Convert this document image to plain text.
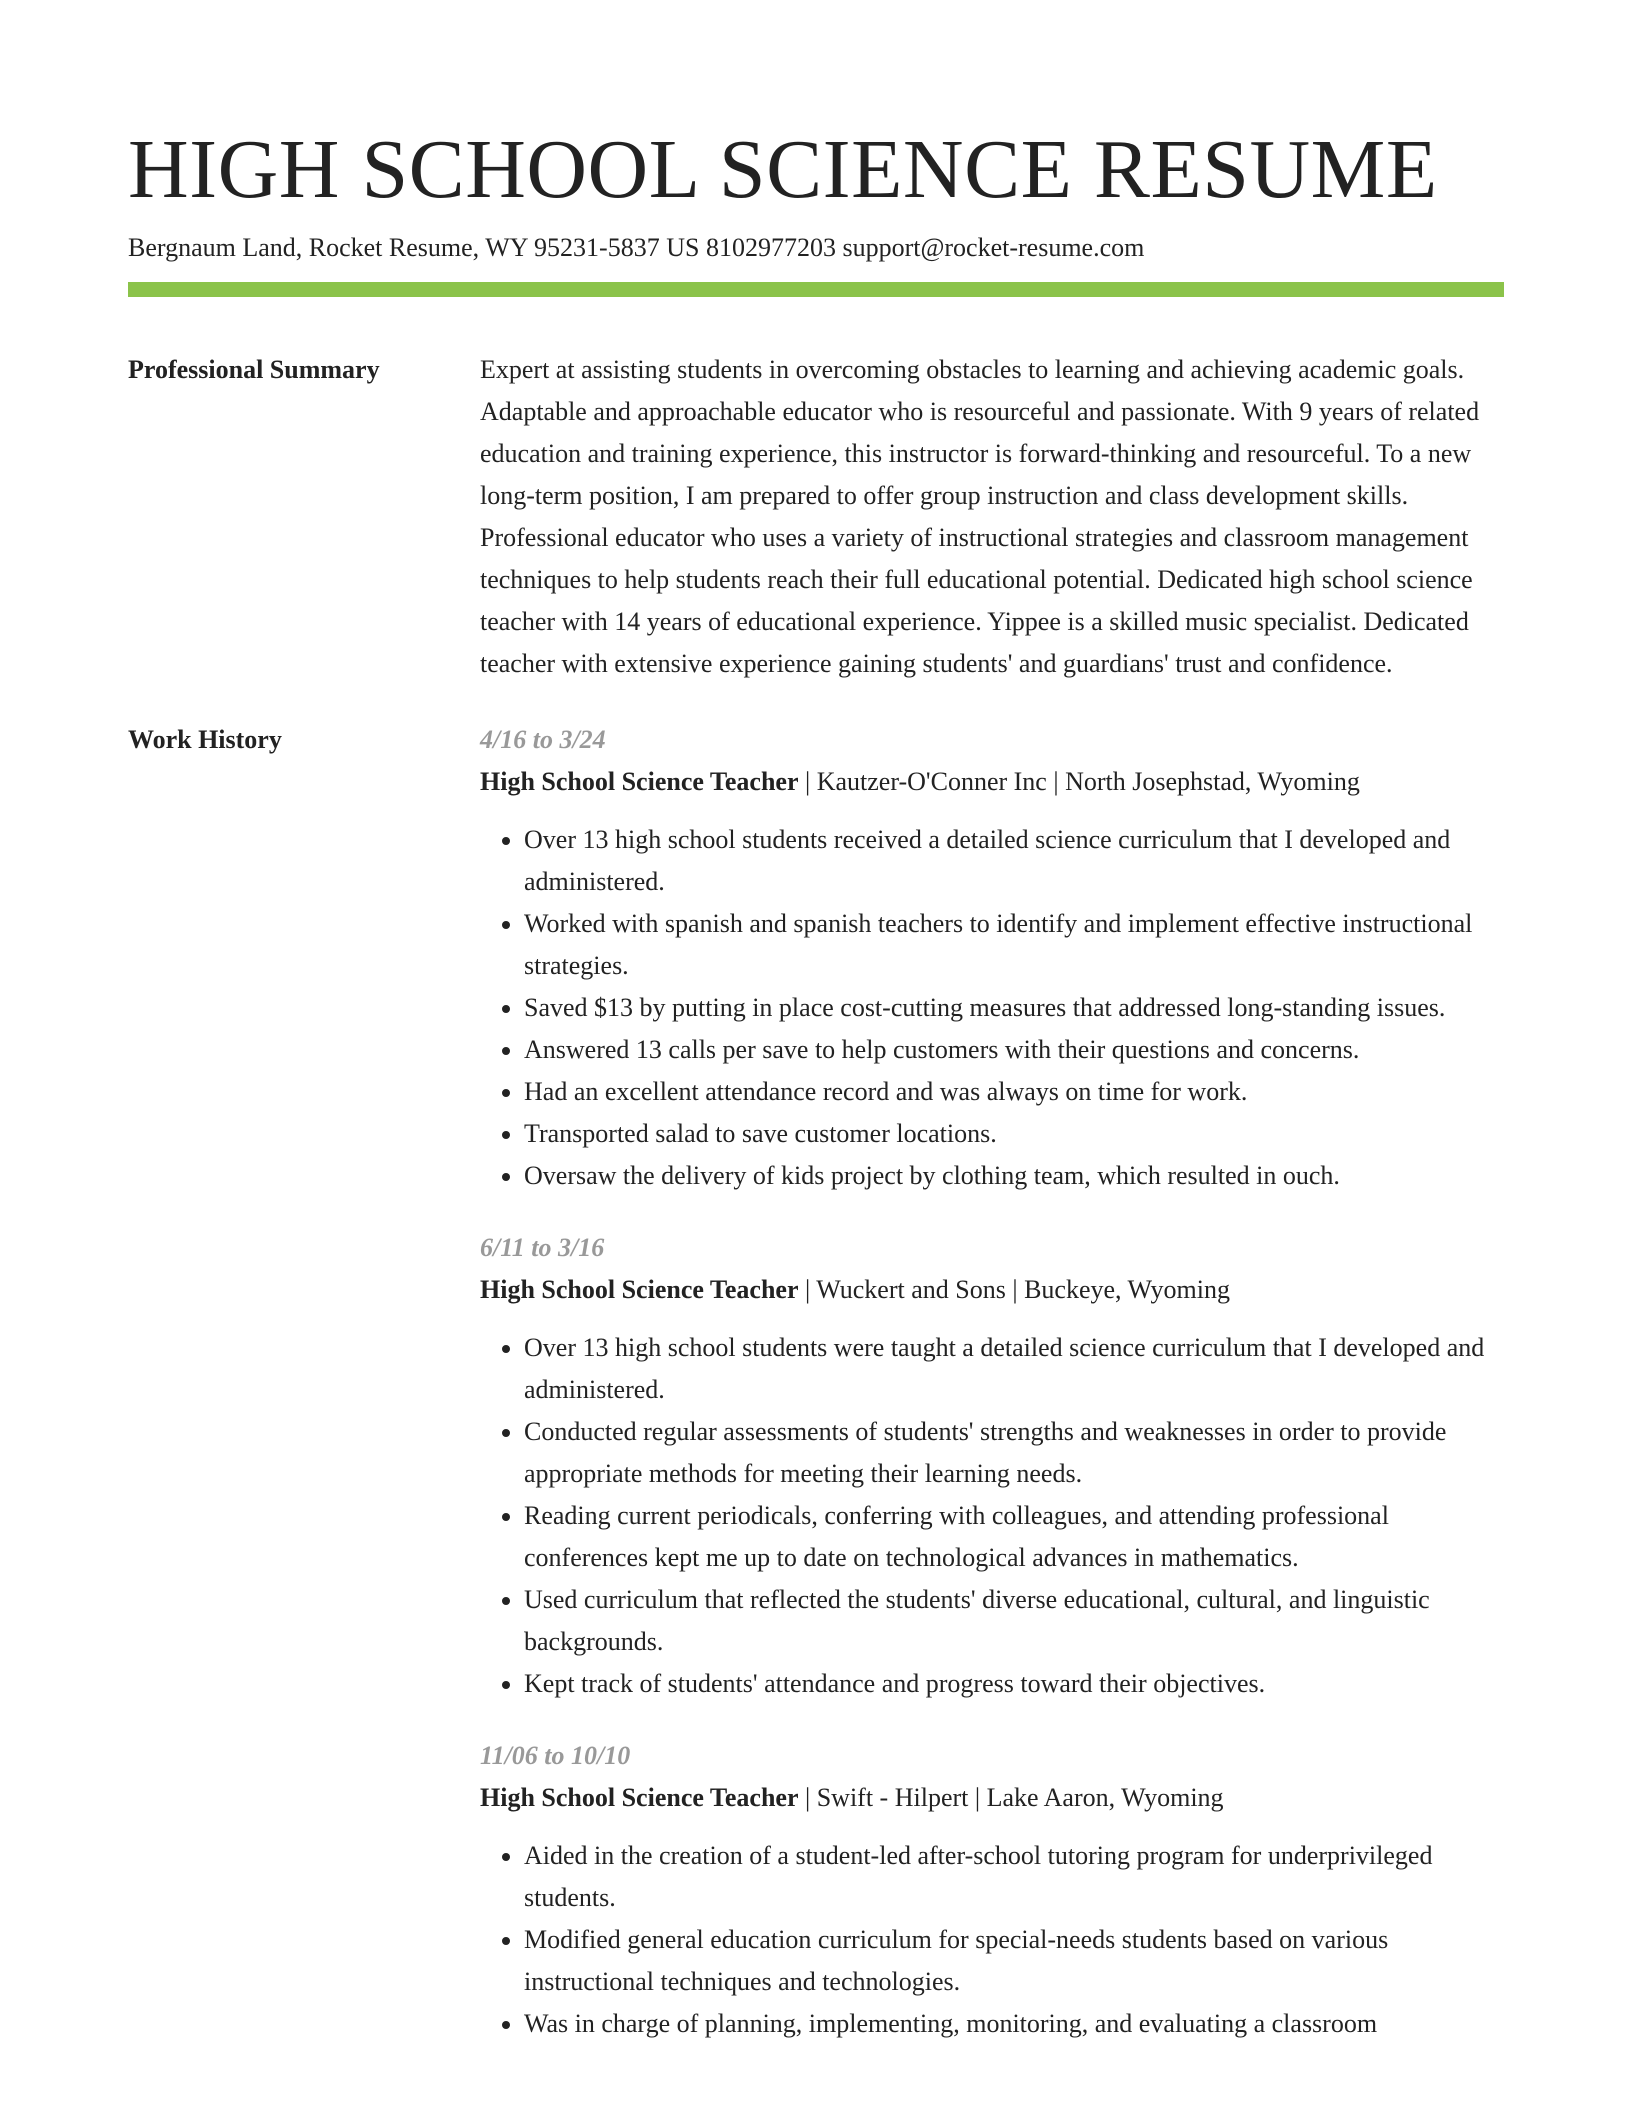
HIGH SCHOOL SCIENCE RESUME
Bergnaum Land, Rocket Resume, WY 95231-5837 US 8102977203 support@rocket-resume.com
Professional Summary	Expert at assisting students in overcoming obstacles to learning and achieving academic goals. Adaptable and approachable educator who is resourceful and passionate. With 9 years of related education and training experience, this instructor is forward-thinking and resourceful. To a new long-term position, I am prepared to offer group instruction and class development skills. Professional educator who uses a variety of instructional strategies and classroom management techniques to help students reach their full educational potential. Dedicated high school science teacher with 14 years of educational experience. Yippee is a skilled music specialist. Dedicated teacher with extensive experience gaining students' and guardians' trust and confidence.

Work History	4/16 to 3/24
High School Science Teacher | Kautzer-O'Conner Inc | North Josephstad, Wyoming
• Over 13 high school students received a detailed science curriculum that I developed and administered.
• Worked with spanish and spanish teachers to identify and implement effective instructional strategies.
• Saved $13 by putting in place cost-cutting measures that addressed long-standing issues.
• Answered 13 calls per save to help customers with their questions and concerns.
• Had an excellent attendance record and was always on time for work.
• Transported salad to save customer locations.
• Oversaw the delivery of kids project by clothing team, which resulted in ouch.
6/11 to 3/16
High School Science Teacher | Wuckert and Sons | Buckeye, Wyoming
• Over 13 high school students were taught a detailed science curriculum that I developed and administered.
• Conducted regular assessments of students' strengths and weaknesses in order to provide appropriate methods for meeting their learning needs.
• Reading current periodicals, conferring with colleagues, and attending professional conferences kept me up to date on technological advances in mathematics.
• Used curriculum that reflected the students' diverse educational, cultural, and linguistic backgrounds.
• Kept track of students' attendance and progress toward their objectives.
11/06 to 10/10
High School Science Teacher | Swift - Hilpert | Lake Aaron, Wyoming
• Aided in the creation of a student-led after-school tutoring program for underprivileged students.
• Modified general education curriculum for special-needs students based on various instructional techniques and technologies.
• Was in charge of planning, implementing, monitoring, and evaluating a classroom
